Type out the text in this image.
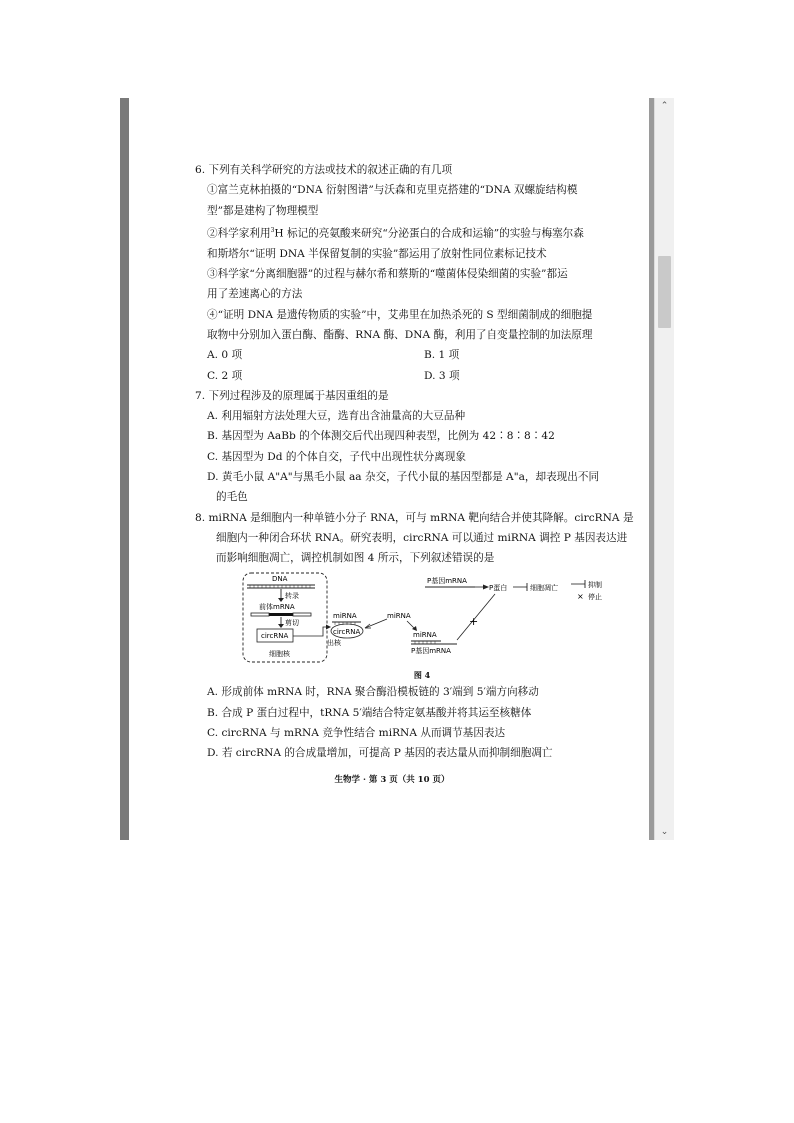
6. 下列有关科学研究的方法或技术的叙述正确的有几项
①富兰克林拍摄的“DNA 衍射图谱”与沃森和克里克搭建的“DNA 双螺旋结构模
型”都是建构了物理模型
②科学家利用$^3$H 标记的亮氨酸来研究“分泌蛋白的合成和运输”的实验与梅塞尔森
和斯塔尔“证明 DNA 半保留复制的实验”都运用了放射性同位素标记技术
③科学家“分离细胞器”的过程与赫尔希和蔡斯的“噬菌体侵染细菌的实验”都运
用了差速离心的方法
④“证明 DNA 是遗传物质的实验”中，艾弗里在加热杀死的 S 型细菌制成的细胞提
取物中分别加入蛋白酶、酯酶、RNA 酶、DNA 酶，利用了自变量控制的加法原理
A. 0 项	B. 1 项
C. 2 项	D. 3 项
7. 下列过程涉及的原理属于基因重组的是
A. 利用辐射方法处理大豆，选育出含油量高的大豆品种
B. 基因型为 AaBb 的个体测交后代出现四种表型，比例为 42∶8∶8∶42
C. 基因型为 Dd 的个体自交，子代中出现性状分离现象
D. 黄毛小鼠 A"A"与黑毛小鼠 aa 杂交，子代小鼠的基因型都是 A"a，却表现出不同
的毛色
8. miRNA 是细胞内一种单链小分子 RNA，可与 mRNA 靶向结合并使其降解。circRNA 是
细胞内一种闭合环状 RNA。研究表明，circRNA 可以通过 miRNA 调控 P 基因表达进
而影响细胞凋亡，调控机制如图 4 所示，下列叙述错误的是
DNA
转录
前体mRNA
剪切
circRNA
细胞核
出核
miRNA
circRNA
miRNA
miRNA
P基因mRNA
P基因mRNA
P蛋白	细胞凋亡
+
抑制
× 停止
图 4
A. 形成前体 mRNA 时，RNA 聚合酶沿模板链的 3′端到 5′端方向移动
B. 合成 P 蛋白过程中，tRNA 5′端结合特定氨基酸并将其运至核糖体
C. circRNA 与 mRNA 竞争性结合 miRNA 从而调节基因表达
D. 若 circRNA 的合成量增加，可提高 P 基因的表达量从而抑制细胞凋亡
生物学 · 第 3 页（共 10 页）
⌃
⌄
